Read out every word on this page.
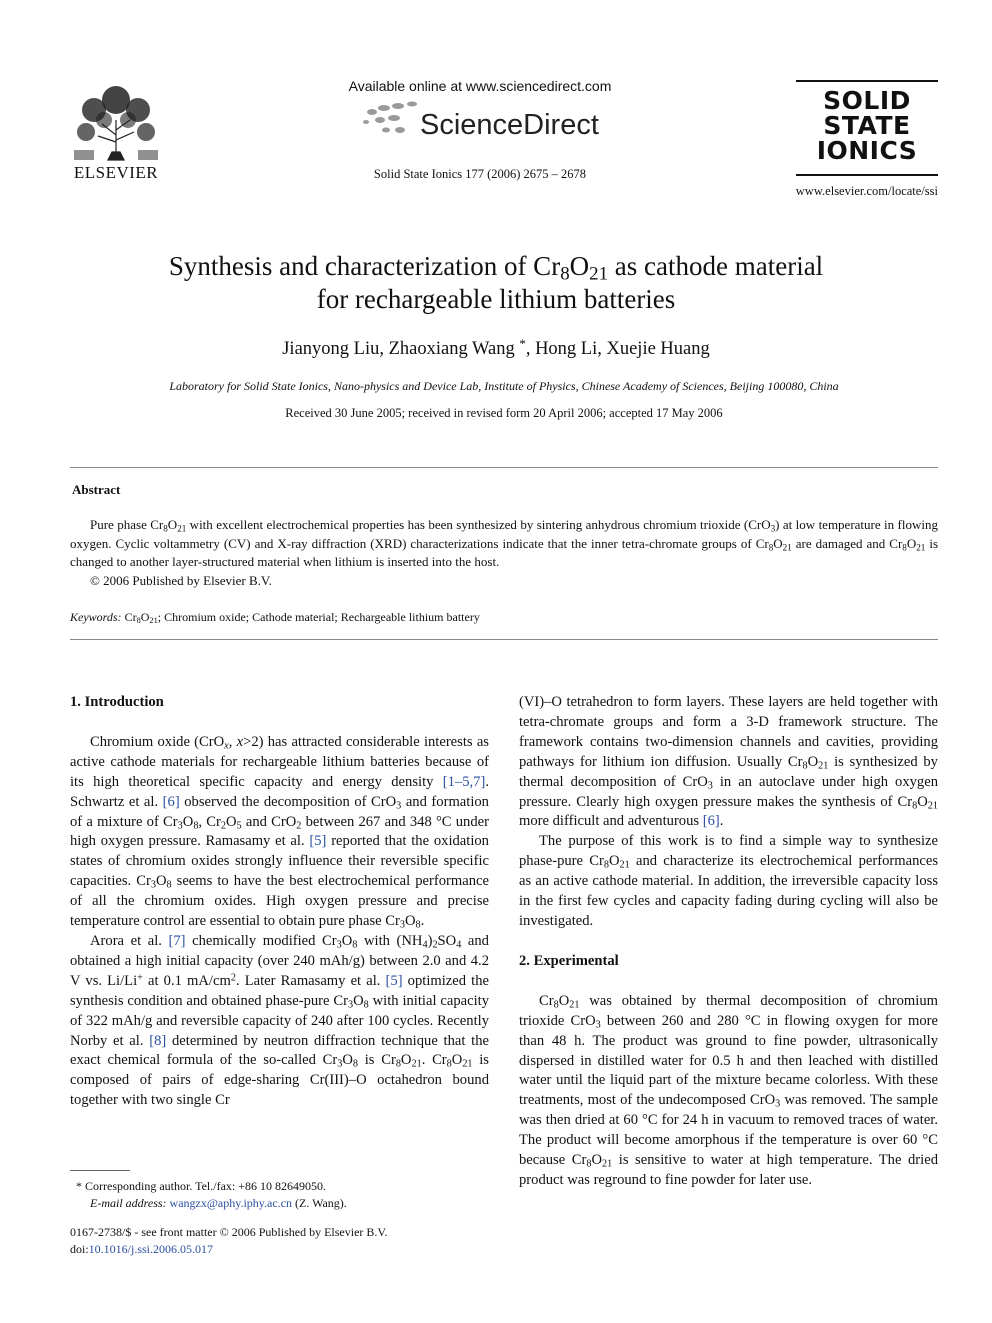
ELSEVIER
Available online at www.sciencedirect.com
ScienceDirect
Solid State Ionics 177 (2006) 2675 – 2678
SOLID
STATE
IONICS
www.elsevier.com/locate/ssi
Synthesis and characterization of $Cr_8O_{21}$ as cathode material
for rechargeable lithium batteries
Jianyong Liu, Zhaoxiang Wang *, Hong Li, Xuejie Huang
Laboratory for Solid State Ionics, Nano-physics and Device Lab, Institute of Physics, Chinese Academy of Sciences, Beijing 100080, China
Received 30 June 2005; received in revised form 20 April 2006; accepted 17 May 2006
Abstract

Pure phase $Cr_8O_{21}$ with excellent electrochemical properties has been synthesized by sintering anhydrous chromium trioxide (CrO$_3$) at low temperature in flowing oxygen. Cyclic voltammetry (CV) and X-ray diffraction (XRD) characterizations indicate that the inner tetra-chromate groups of $Cr_8O_{21}$ are damaged and $Cr_8O_{21}$ is changed to another layer-structured material when lithium is inserted into the host.

© 2006 Published by Elsevier B.V.

Keywords: $Cr_8O_{21}$; Chromium oxide; Cathode material; Rechargeable lithium battery
1. Introduction

Chromium oxide (CrO$_x$, x>2) has attracted considerable interests as active cathode materials for rechargeable lithium batteries because of its high theoretical specific capacity and energy density [1–5,7]. Schwartz et al. [6] observed the decomposition of CrO$_3$ and formation of a mixture of $Cr_3O_8$, $Cr_2O_5$ and CrO$_2$ between 267 and 348 °C under high oxygen pressure. Ramasamy et al. [5] reported that the oxidation states of chromium oxides strongly influence their reversible specific capacities. $Cr_3O_8$ seems to have the best electrochemical performance of all the chromium oxides. High oxygen pressure and precise temperature control are essential to obtain pure phase $Cr_3O_8$.

Arora et al. [7] chemically modified $Cr_3O_8$ with $(NH_4)_2SO_4$ and obtained a high initial capacity (over 240 mAh/g) between 2.0 and 4.2 V vs. Li/Li+ at 0.1 $mA/cm^2$. Later Ramasamy et al. [5] optimized the synthesis condition and obtained phase-pure $Cr_3O_8$ with initial capacity of 322 mAh/g and reversible capacity of 240 after 100 cycles. Recently Norby et al. [8] determined by neutron diffraction technique that the exact chemical formula of the so-called $Cr_3O_8$ is $Cr_8O_{21}$. $Cr_8O_{21}$ is composed of pairs of edge-sharing Cr(III)–O octahedron bound together with two single Cr

(VI)–O tetrahedron to form layers. These layers are held together with tetra-chromate groups and form a 3-D framework structure. The framework contains two-dimension channels and cavities, providing pathways for lithium ion diffusion. Usually $Cr_8O_{21}$ is synthesized by thermal decomposition of CrO$_3$ in an autoclave under high oxygen pressure. Clearly high oxygen pressure makes the synthesis of $Cr_8O_{21}$ more difficult and adventurous [6].

The purpose of this work is to find a simple way to synthesize phase-pure $Cr_8O_{21}$ and characterize its electrochemical performances as an active cathode material. In addition, the irreversible capacity loss in the first few cycles and capacity fading during cycling will also be investigated.

2. Experimental

$Cr_8O_{21}$ was obtained by thermal decomposition of chromium trioxide CrO$_3$ between 260 and 280 °C in flowing oxygen for more than 48 h. The product was ground to fine powder, ultrasonically dispersed in distilled water for 0.5 h and then leached with distilled water until the liquid part of the mixture became colorless. With these treatments, most of the undecomposed CrO$_3$ was removed. The sample was then dried at 60 °C for 24 h in vacuum to removed traces of water. The product will become amorphous if the temperature is over 60 °C because $Cr_8O_{21}$ is sensitive to water at high temperature. The dried product was reground to fine powder for later use.

* Corresponding author. Tel./fax: +86 10 82649050.
E-mail address: wangzx@aphy.iphy.ac.cn (Z. Wang).
0167-2738/$ - see front matter © 2006 Published by Elsevier B.V.
doi:10.1016/j.ssi.2006.05.017
